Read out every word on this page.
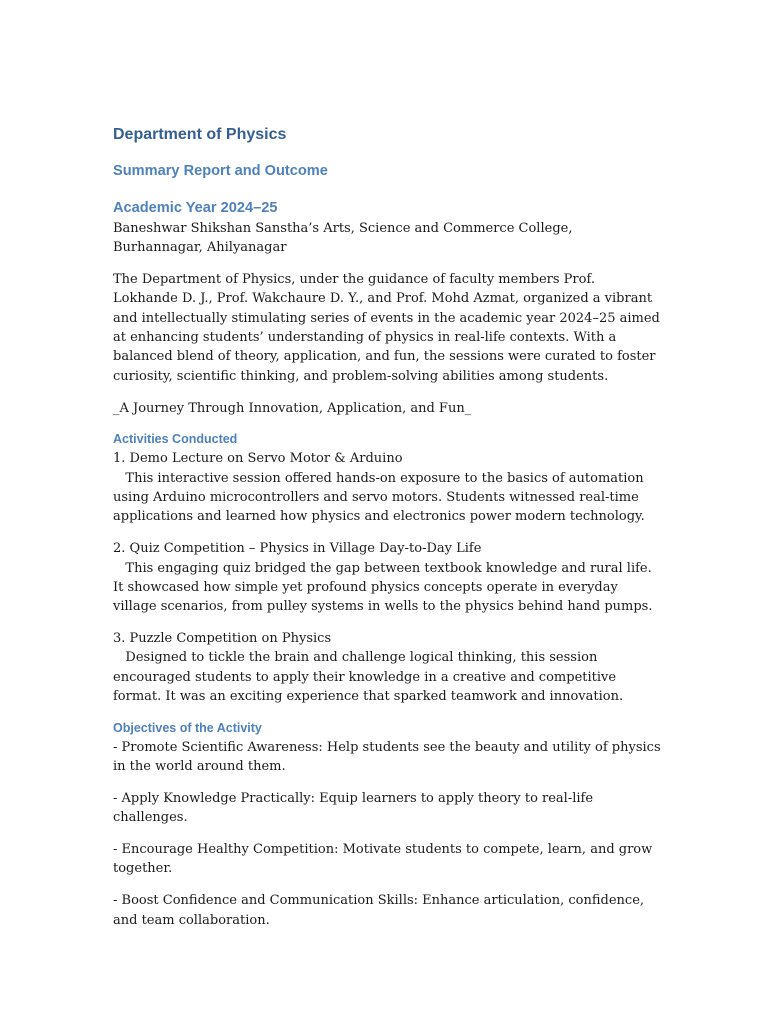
Department of Physics
Summary Report and Outcome
Academic Year 2024–25

Baneshwar Shikshan Sanstha’s Arts, Science and Commerce College, Burhannagar, Ahilyanagar

The Department of Physics, under the guidance of faculty members Prof. Lokhande D. J., Prof. Wakchaure D. Y., and Prof. Mohd Azmat, organized a vibrant and intellectually stimulating series of events in the academic year 2024–25 aimed at enhancing students’ understanding of physics in real-life contexts. With a balanced blend of theory, application, and fun, the sessions were curated to foster curiosity, scientific thinking, and problem-solving abilities among students.

_A Journey Through Innovation, Application, and Fun_

Activities Conducted
1. Demo Lecture on Servo Motor & Arduino

This interactive session offered hands-on exposure to the basics of automation using Arduino microcontrollers and servo motors. Students witnessed real-time applications and learned how physics and electronics power modern technology.

2. Quiz Competition – Physics in Village Day-to-Day Life

This engaging quiz bridged the gap between textbook knowledge and rural life. It showcased how simple yet profound physics concepts operate in everyday village scenarios, from pulley systems in wells to the physics behind hand pumps.

3. Puzzle Competition on Physics

Designed to tickle the brain and challenge logical thinking, this session encouraged students to apply their knowledge in a creative and competitive format. It was an exciting experience that sparked teamwork and innovation.

Objectives of the Activity

- Promote Scientific Awareness: Help students see the beauty and utility of physics in the world around them.

- Apply Knowledge Practically: Equip learners to apply theory to real-life challenges.

- Encourage Healthy Competition: Motivate students to compete, learn, and grow together.

- Boost Confidence and Communication Skills: Enhance articulation, confidence, and team collaboration.
